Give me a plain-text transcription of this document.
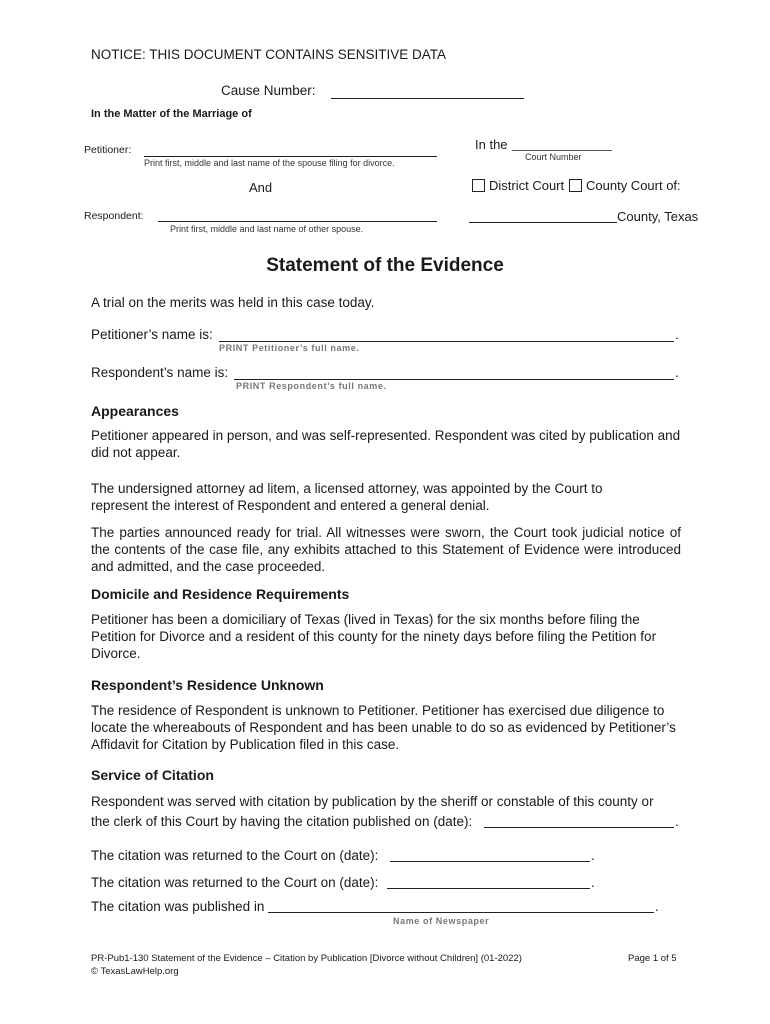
NOTICE: THIS DOCUMENT CONTAINS SENSITIVE DATA
Cause Number:
In the Matter of the Marriage of
Petitioner:
Print first, middle and last name of the spouse filing for divorce.
In the
Court Number
And	District Court County Court of:
Respondent:
Print first, middle and last name of other spouse.
County, Texas
Statement of the Evidence
A trial on the merits was held in this case today.
Petitioner’s name is:	.
PRINT Petitioner’s full name.
Respondent’s name is:	.
PRINT Respondent’s full name.
Appearances
Petitioner appeared in person, and was self-represented. Respondent was cited by publication and did not appear.
The undersigned attorney ad litem, a licensed attorney, was appointed by the Court to represent the interest of Respondent and entered a general denial.
The parties announced ready for trial. All witnesses were sworn, the Court took judicial notice of the contents of the case file, any exhibits attached to this Statement of Evidence were introduced and admitted, and the case proceeded.
Domicile and Residence Requirements
Petitioner has been a domiciliary of Texas (lived in Texas) for the six months before filing the Petition for Divorce and a resident of this county for the ninety days before filing the Petition for Divorce.
Respondent’s Residence Unknown
The residence of Respondent is unknown to Petitioner. Petitioner has exercised due diligence to locate the whereabouts of Respondent and has been unable to do so as evidenced by Petitioner’s Affidavit for Citation by Publication filed in this case.
Service of Citation
Respondent was served with citation by publication by the sheriff or constable of this county or
the clerk of this Court by having the citation published on (date):	.
The citation was returned to the Court on (date):	.
The citation was returned to the Court on (date):	.
The citation was published in	.
Name of Newspaper
PR-Pub1-130 Statement of the Evidence – Citation by Publication [Divorce without Children] (01-2022)
© TexasLawHelp.org
Page 1 of 5
